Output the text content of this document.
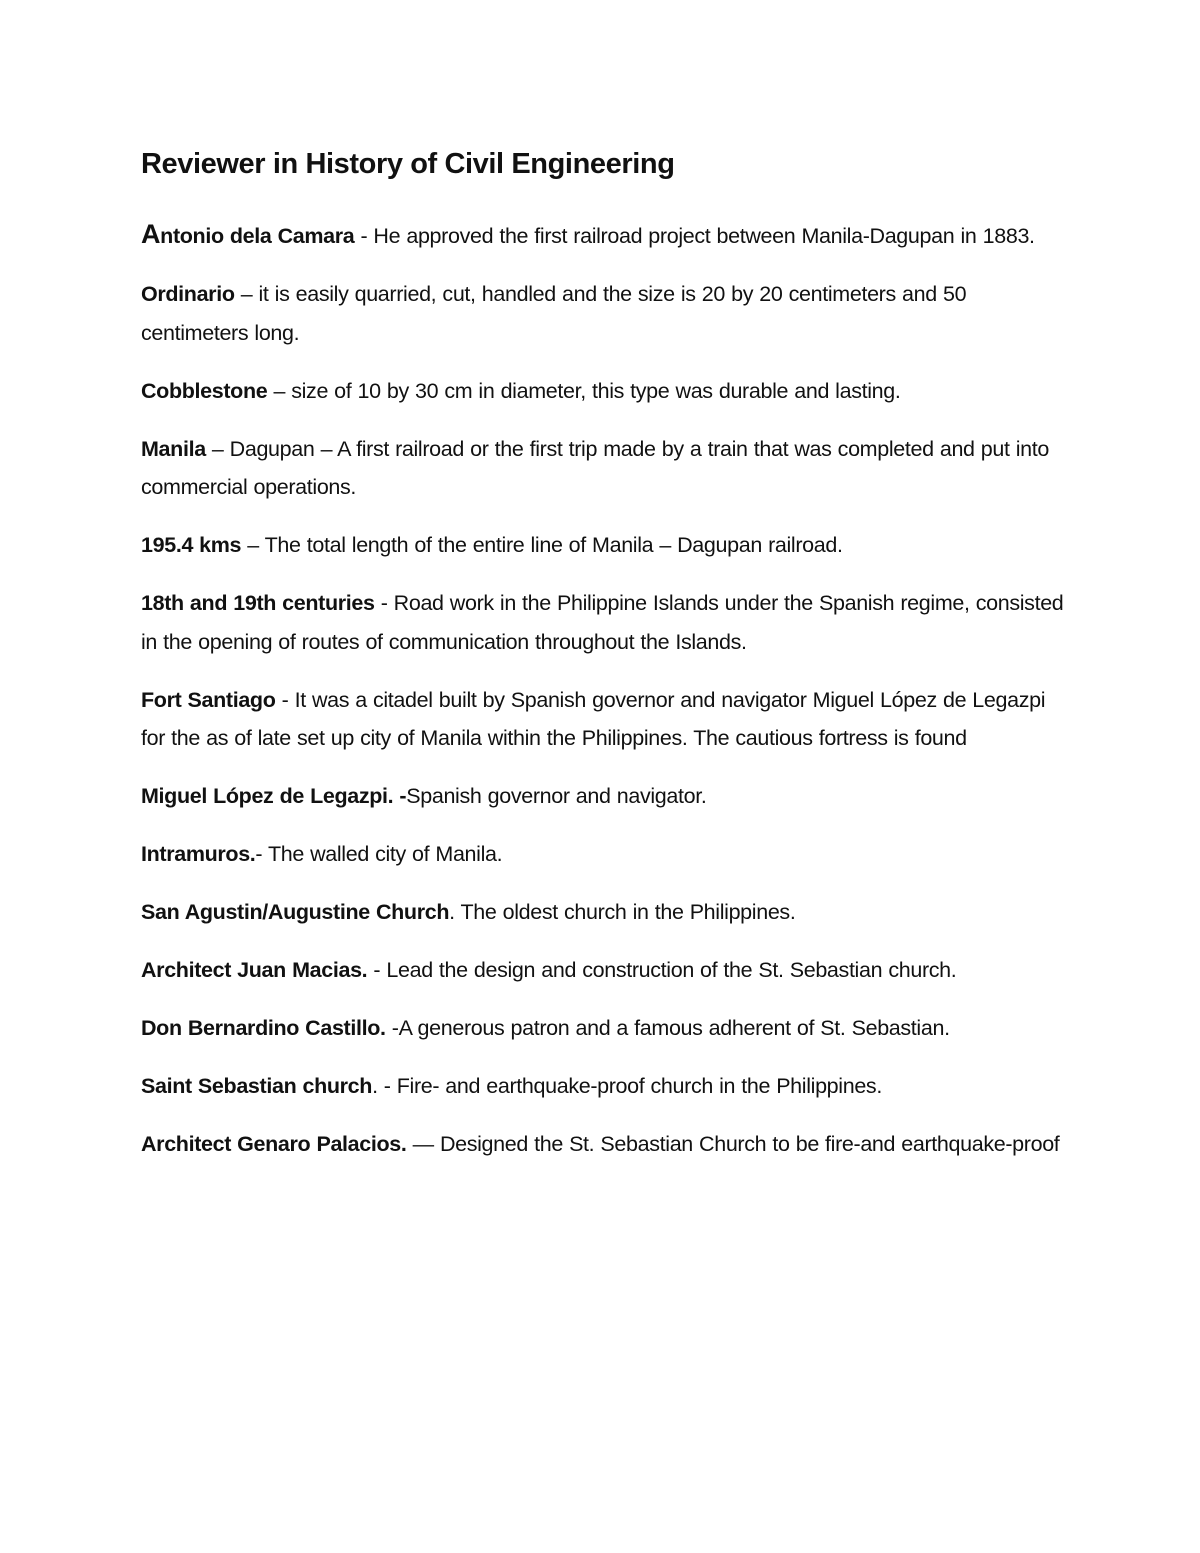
Reviewer in History of Civil Engineering

Antonio dela Camara - He approved the first railroad project between Manila-Dagupan in 1883.

Ordinario – it is easily quarried, cut, handled and the size is 20 by 20 centimeters and 50 centimeters long.

Cobblestone – size of 10 by 30 cm in diameter, this type was durable and lasting.

Manila – Dagupan – A first railroad or the first trip made by a train that was completed and put into commercial operations.

195.4 kms – The total length of the entire line of Manila – Dagupan railroad.

18th and 19th centuries - Road work in the Philippine Islands under the Spanish regime, consisted in the opening of routes of communication throughout the Islands.

Fort Santiago - It was a citadel built by Spanish governor and navigator Miguel López de Legazpi for the as of late set up city of Manila within the Philippines. The cautious fortress is found

Miguel López de Legazpi. -Spanish governor and navigator.

Intramuros.- The walled city of Manila.

San Agustin/Augustine Church. The oldest church in the Philippines.

Architect Juan Macias. - Lead the design and construction of the St. Sebastian church.

Don Bernardino Castillo. -A generous patron and a famous adherent of St. Sebastian.

Saint Sebastian church. - Fire- and earthquake-proof church in the Philippines.

Architect Genaro Palacios. — Designed the St. Sebastian Church to be fire-and earthquake-proof
